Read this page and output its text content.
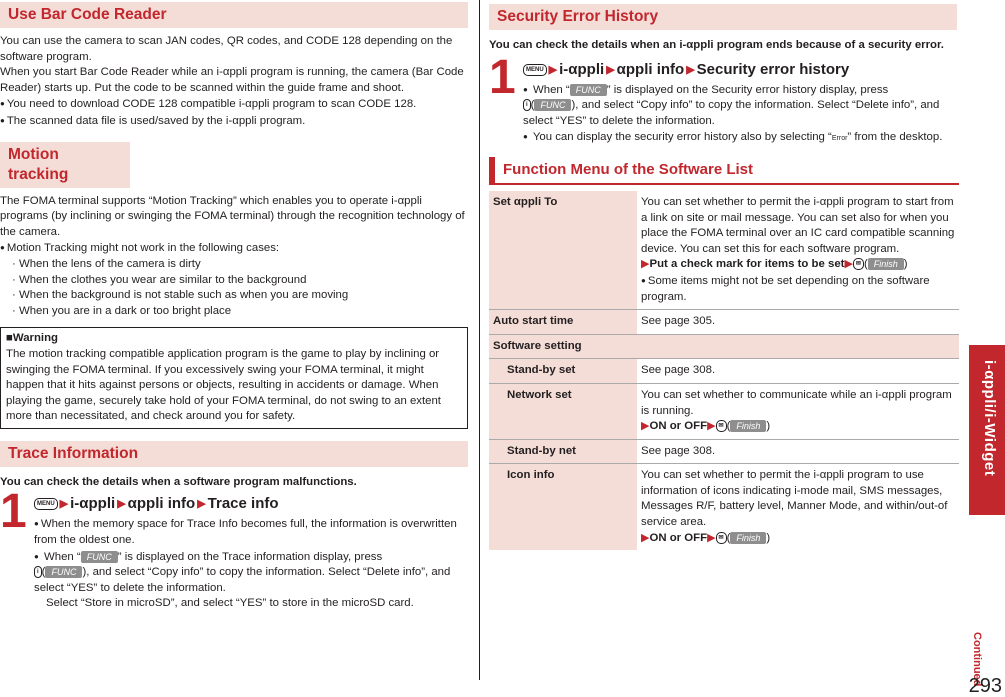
Use Bar Code Reader

You can use the camera to scan JAN codes, QR codes, and CODE 128 depending on the software program.

When you start Bar Code Reader while an i-αppli program is running, the camera (Bar Code Reader) starts up. Put the code to be scanned within the guide frame and shoot.

● You need to download CODE 128 compatible i-αppli program to scan CODE 128.

● The scanned data file is used/saved by the i-αppli program.

Motion tracking

The FOMA terminal supports “Motion Tracking” which enables you to operate i-αppli programs (by inclining or swinging the FOMA terminal) through the recognition technology of the camera.

● Motion Tracking might not work in the following cases:

· When the lens of the camera is dirty

· When the clothes you wear are similar to the background

· When the background is not stable such as when you are moving

· When you are in a dark or too bright place

■Warning

The motion tracking compatible application program is the game to play by inclining or swinging the FOMA terminal. If you excessively swing your FOMA terminal, it might happen that it hits against persons or objects, resulting in accidents or damage. When playing the game, securely take hold of your FOMA terminal, do not swing to an extent more than necessitated, and check around you for safety.

Trace Information

You can check the details when a software program malfunctions.

1	MENU ▶ i-αppli ▶ αppli info ▶ Trace info

● When the memory space for Trace Info becomes full, the information is overwritten from the oldest one.

● When “ FUNC ” is displayed on the Trace information display, press
i ( FUNC ), and select “Copy info” to copy the information. Select “Delete info”, and select “YES” to delete the information.

Select “Store in microSD”, and select “YES” to store in the microSD card.

Security Error History

You can check the details when an i-αppli program ends because of a security error.

1	MENU ▶ i-αppli ▶ αppli info ▶ Security error history

● When “ FUNC ” is displayed on the Security error history display, press
i ( FUNC ), and select “Copy info” to copy the information. Select “Delete info”, and select “YES” to delete the information.

● You can display the security error history also by selecting “Error” from the desktop.

Function Menu of the Software List
Set αppli To	You can set whether to permit the i-αppli program to start from a link on site or mail message. You can set also for when you place the FOMA terminal over an IC card compatible scanning device. You can set this for each software program.
▶Put a check mark for items to be set▶ ✉ ( Finish )
● Some items might not be set depending on the software program.
Auto start time	See page 305.
Software setting	
Stand-by set	See page 308.
Network set	You can set whether to communicate while an i-αppli program is running.
▶ON or OFF▶ ✉ ( Finish )
Stand-by net	See page 308.
Icon info	You can set whether to permit the i-αppli program to use information of icons indicating i-mode mail, SMS messages, Messages R/F, battery level, Manner Mode, and within/out-of service area.
▶ON or OFF▶ ✉ ( Finish )
i-αppli/i-Widget
Continued
293
